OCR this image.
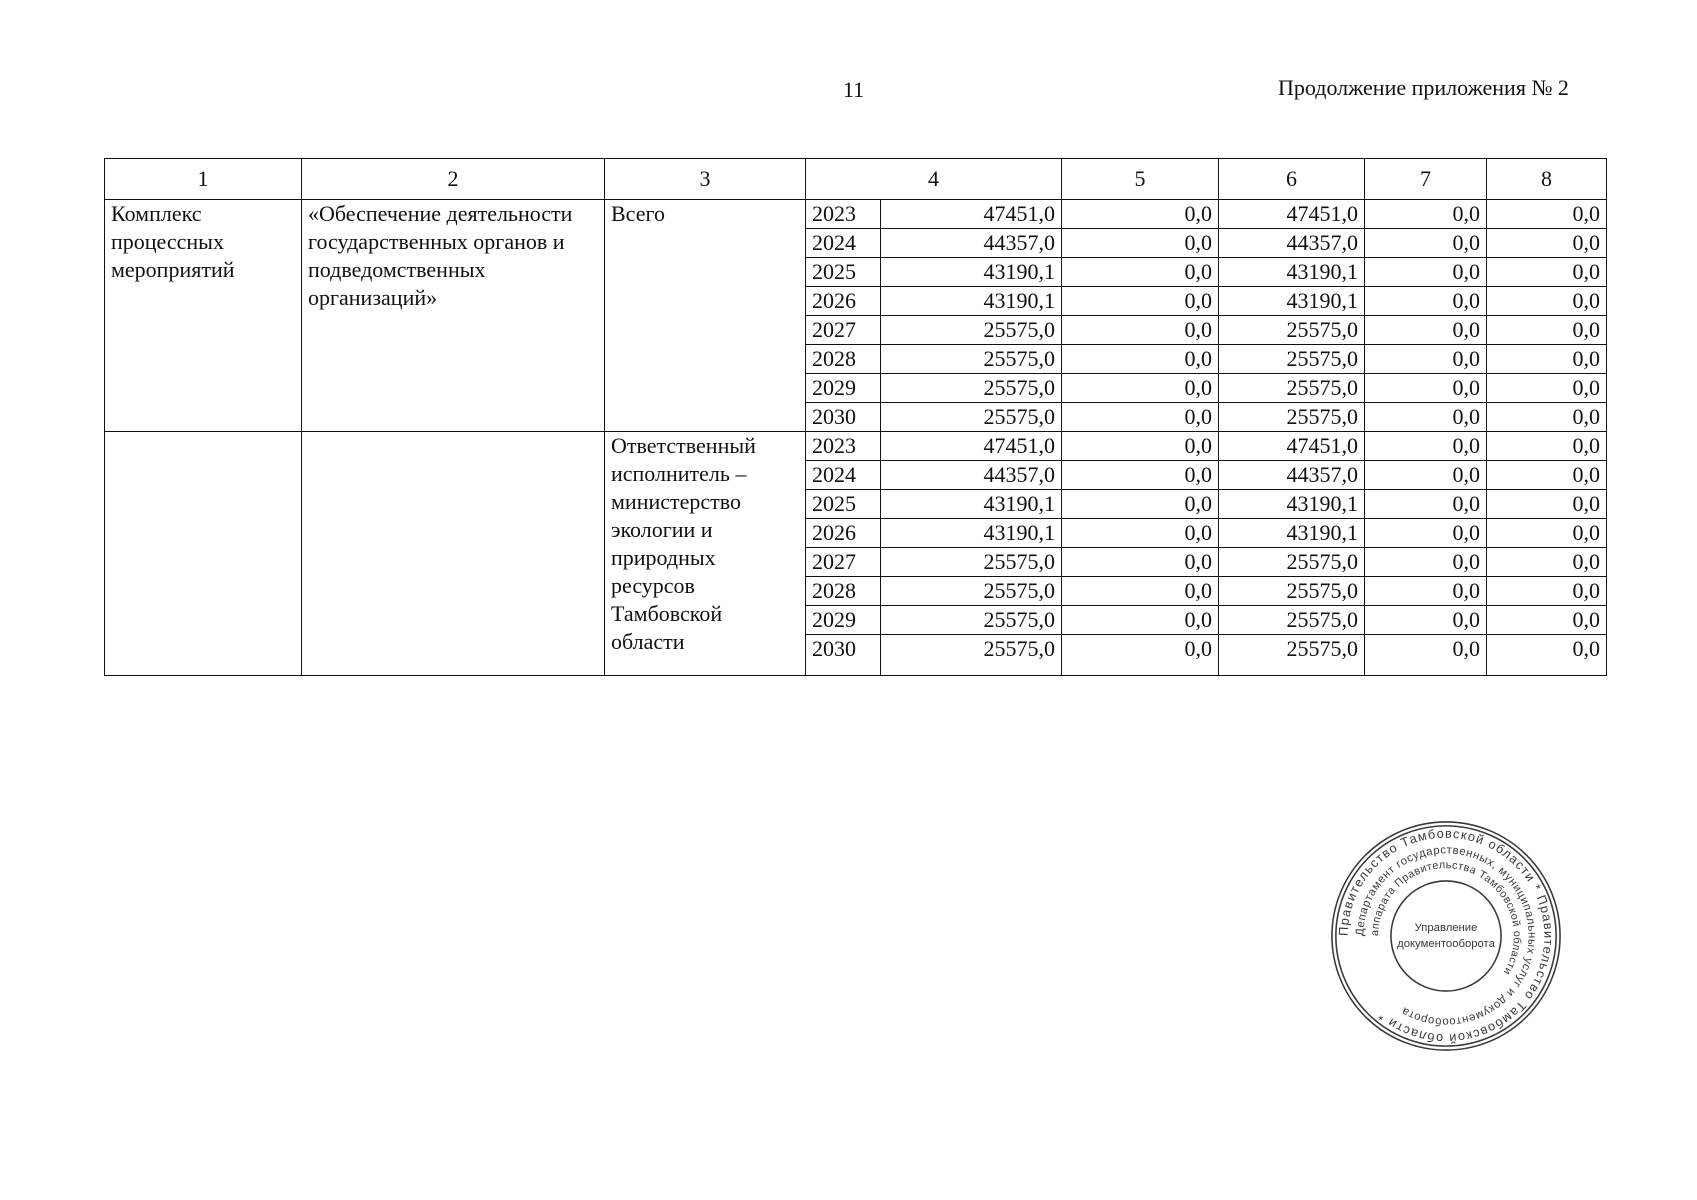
11	Продолжение приложения № 2
1	2	3	4		5	6	7	8
Комплекс процессных мероприятий	«Обеспечение деятельности государственных органов и подведомственных организаций»	Всего	2023	47451,0	0,0	47451,0	0,0	0,0
			2024	44357,0	0,0	44357,0	0,0	0,0
			2025	43190,1	0,0	43190,1	0,0	0,0
			2026	43190,1	0,0	43190,1	0,0	0,0
			2027	25575,0	0,0	25575,0	0,0	0,0
			2028	25575,0	0,0	25575,0	0,0	0,0
			2029	25575,0	0,0	25575,0	0,0	0,0
			2030	25575,0	0,0	25575,0	0,0	0,0
		Ответственный исполнитель – министерство экологии и природных ресурсов Тамбовской области	2023	47451,0	0,0	47451,0	0,0	0,0
			2024	44357,0	0,0	44357,0	0,0	0,0
			2025	43190,1	0,0	43190,1	0,0	0,0
			2026	43190,1	0,0	43190,1	0,0	0,0
			2027	25575,0	0,0	25575,0	0,0	0,0
			2028	25575,0	0,0	25575,0	0,0	0,0
			2029	25575,0	0,0	25575,0	0,0	0,0
			2030	25575,0	0,0	25575,0	0,0	0,0
Правительство Тамбовской области * Правительство Тамбовской области *
Департамент государственных, муниципальных услуг и документооборота
аппарата Правительства Тамбовской области
Управление
документооборота
